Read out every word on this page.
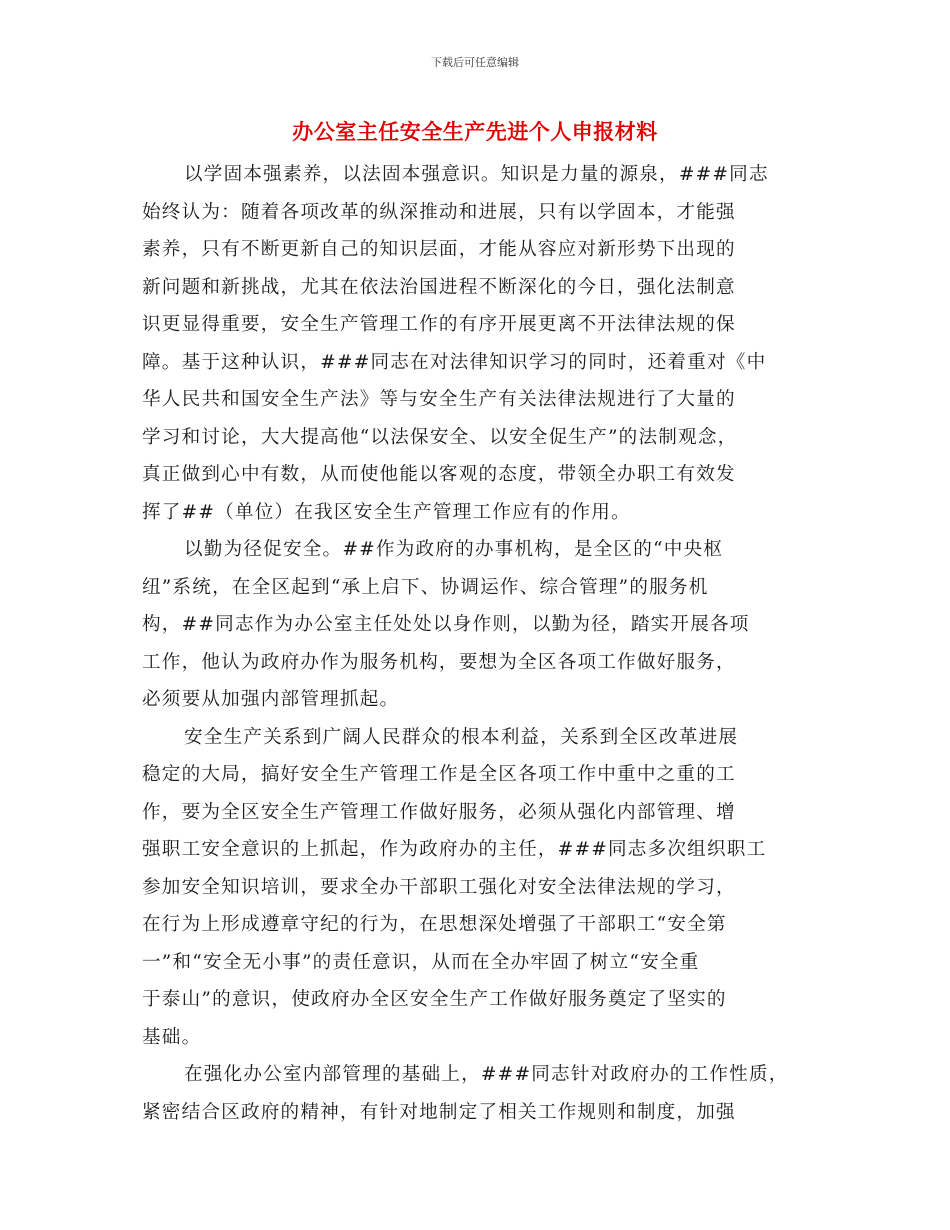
下载后可任意编辑
办公室主任安全生产先进个人申报材料
以学固本强素养，以法固本强意识。知识是力量的源泉，###同志
始终认为：随着各项改革的纵深推动和进展，只有以学固本，才能强
素养，只有不断更新自己的知识层面，才能从容应对新形势下出现的
新问题和新挑战，尤其在依法治国进程不断深化的今日，强化法制意
识更显得重要，安全生产管理工作的有序开展更离不开法律法规的保
障。基于这种认识，###同志在对法律知识学习的同时，还着重对《中
华人民共和国安全生产法》等与安全生产有关法律法规进行了大量的
学习和讨论，大大提高他“以法保安全、以安全促生产”的法制观念，
真正做到心中有数，从而使他能以客观的态度，带领全办职工有效发
挥了##（单位）在我区安全生产管理工作应有的作用。
以勤为径促安全。##作为政府的办事机构，是全区的“中央枢
纽”系统，在全区起到“承上启下、协调运作、综合管理”的服务机
构，##同志作为办公室主任处处以身作则，以勤为径，踏实开展各项
工作，他认为政府办作为服务机构，要想为全区各项工作做好服务，
必须要从加强内部管理抓起。
安全生产关系到广阔人民群众的根本利益，关系到全区改革进展
稳定的大局，搞好安全生产管理工作是全区各项工作中重中之重的工
作，要为全区安全生产管理工作做好服务，必须从强化内部管理、增
强职工安全意识的上抓起，作为政府办的主任，###同志多次组织职工
参加安全知识培训，要求全办干部职工强化对安全法律法规的学习，
在行为上形成遵章守纪的行为，在思想深处增强了干部职工“安全第
一”和“安全无小事”的责任意识，从而在全办牢固了树立“安全重
于泰山”的意识，使政府办全区安全生产工作做好服务奠定了坚实的
基础。
在强化办公室内部管理的基础上，###同志针对政府办的工作性质，
紧密结合区政府的精神，有针对地制定了相关工作规则和制度，加强
